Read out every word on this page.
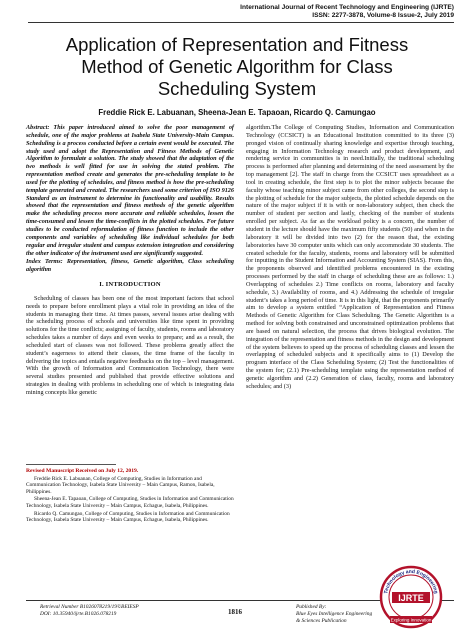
International Journal of Recent Technology and Engineering (IJRTE)
ISSN: 2277-3878, Volume-8 Issue-2, July 2019
Application of Representation and Fitness Method of Genetic Algorithm for Class Scheduling System
Freddie Rick E. Labuanan, Sheena-Jean E. Tapaoan, Ricardo Q. Camungao
Abstract: This paper introduced aimed to solve the poor management of schedule, one of the major problems at Isabela State University-Main Campus. Scheduling is a process conducted before a certain event would be executed. The study used and adopt the Representation and Fitness Methods of Genetic Algorithm to formulate a solution. The study showed that the adaptation of the two methods is well fitted for use in solving the stated problem. The representation method create and generates the pre-scheduling template to be used for the plotting of schedules, and fitness method is how the pre-scheduling template generated and created. The researchers used some criterion of ISO 9126 Standard as an instrument to determine its functionality and usability. Results showed that the representation and fitness methods of the genetic algorithm make the scheduling process more accurate and reliable schedules, lessen the time-consumed and lessen the time-conflicts in the plotted schedules. For future studies to be conducted reformulation of fitness function to include the other components and variables of scheduling like individual schedules for both regular and irregular student and campus extension integration and considering the other indicator of the instrument used are significantly suggested.
Index Terms: Representation, fitness, Genetic algorithm, Class scheduling algorithm
I. INTRODUCTION
Scheduling of classes has been one of the most important factors that school needs to prepare before enrollment plays a vital role in providing an idea of the students in managing their time. At times passes, several issues arise dealing with the scheduling process of schools and universities like time spent in providing solutions for the time conflicts; assigning of faculty, students, rooms and laboratory schedules takes a number of days and even weeks to prepare; and as a result, the scheduled start of classes was not followed. These problems greatly affect the student’s eagerness to attend their classes, the time frame of the faculty in delivering the topics and entails negative feedbacks on the top – level management. With the growth of Information and Communication Technology, there were several studies presented and published that provide effective solutions and strategies in dealing with problems in scheduling one of which is integrating data mining concepts like genetic
algorithm.The College of Computing Studies, Information and Communication Technology (CCSICT) is an Educational Institution committed to its three (3) pronged vision of continually sharing knowledge and expertise through teaching, engaging in Information Technology research and product development, and rendering service in communities is in need.Initially, the traditional scheduling process is performed after planning and determining of the need assessment by the top management [2]. The staff in charge from the CCSICT uses spreadsheet as a tool in creating schedule, the first step is to plot the minor subjects because the faculty whose teaching minor subject came from other colleges, the second step is the plotting of schedule for the major subjects, the plotted schedule depends on the nature of the major subject if it is with or non-laboratory subject, then check the number of student per section and lastly, checking of the number of students enrolled per subject. As far as the workload policy is a concern, the number of student in the lecture should have the maximum fifty students (50) and when in the laboratory it will be divided into two (2) for the reason that, the existing laboratories have 30 computer units which can only accommodate 30 students. The created schedule for the faculty, students, rooms and laboratory will be submitted for inputting in the Student Information and Accounting System (SIAS). From this, the proponents observed and identified problems encountered in the existing processes performed by the staff in charge of scheduling these are as follows: 1.) Overlapping of schedules 2.) Time conflicts on rooms, laboratory and faculty schedule, 3.) Availability of rooms, and 4.) Addressing the schedule of irregular student’s takes a long period of time. It is in this light, that the proponents primarily aim to develop a system entitled “Application of Representation and Fitness Methods of Genetic Algorithm for Class Scheduling. The Genetic Algorithm is a method for solving both constrained and unconstrained optimization problems that are based on natural selection, the process that drives biological evolution. The integration of the representation and fitness methods in the design and development of the system believes to speed up the process of scheduling classes and lessen the overlapping of scheduled subjects and it specifically aims to (1) Develop the program interface of the Class Scheduling System; (2) Test the functionalities of the system for; (2.1) Pre-scheduling template using the representation method of genetic algorithm and (2.2) Generation of class, faculty, rooms and laboratory schedules; and (3)
Revised Manuscript Received on July 12, 2019.
Freddie Rick E. Labuanan, College of Computing, Studies in Information and Communication Technology, Isabela State University – Main Campus, Ramon, Isabela, Philippines.
Sheena-Jean E. Tapaoan, College of Computing, Studies in Information and Communication Technology, Isabela State University – Main Campus, Echague, Isabela, Philippines.
Ricardo Q. Camungao, College of Computing, Studies in Information and Communication Technology, Isabela State University – Main Campus, Echague, Isabela, Philippines.
Retrieval Number B1026078219/19©BEIESP
DOI: 10.35940/ijrte.B1026.078219	1816
Published By:
Blue Eyes Intelligence Engineering
& Sciences Publication
Technology and Engineering
IJRTE
Exploring Innovation
